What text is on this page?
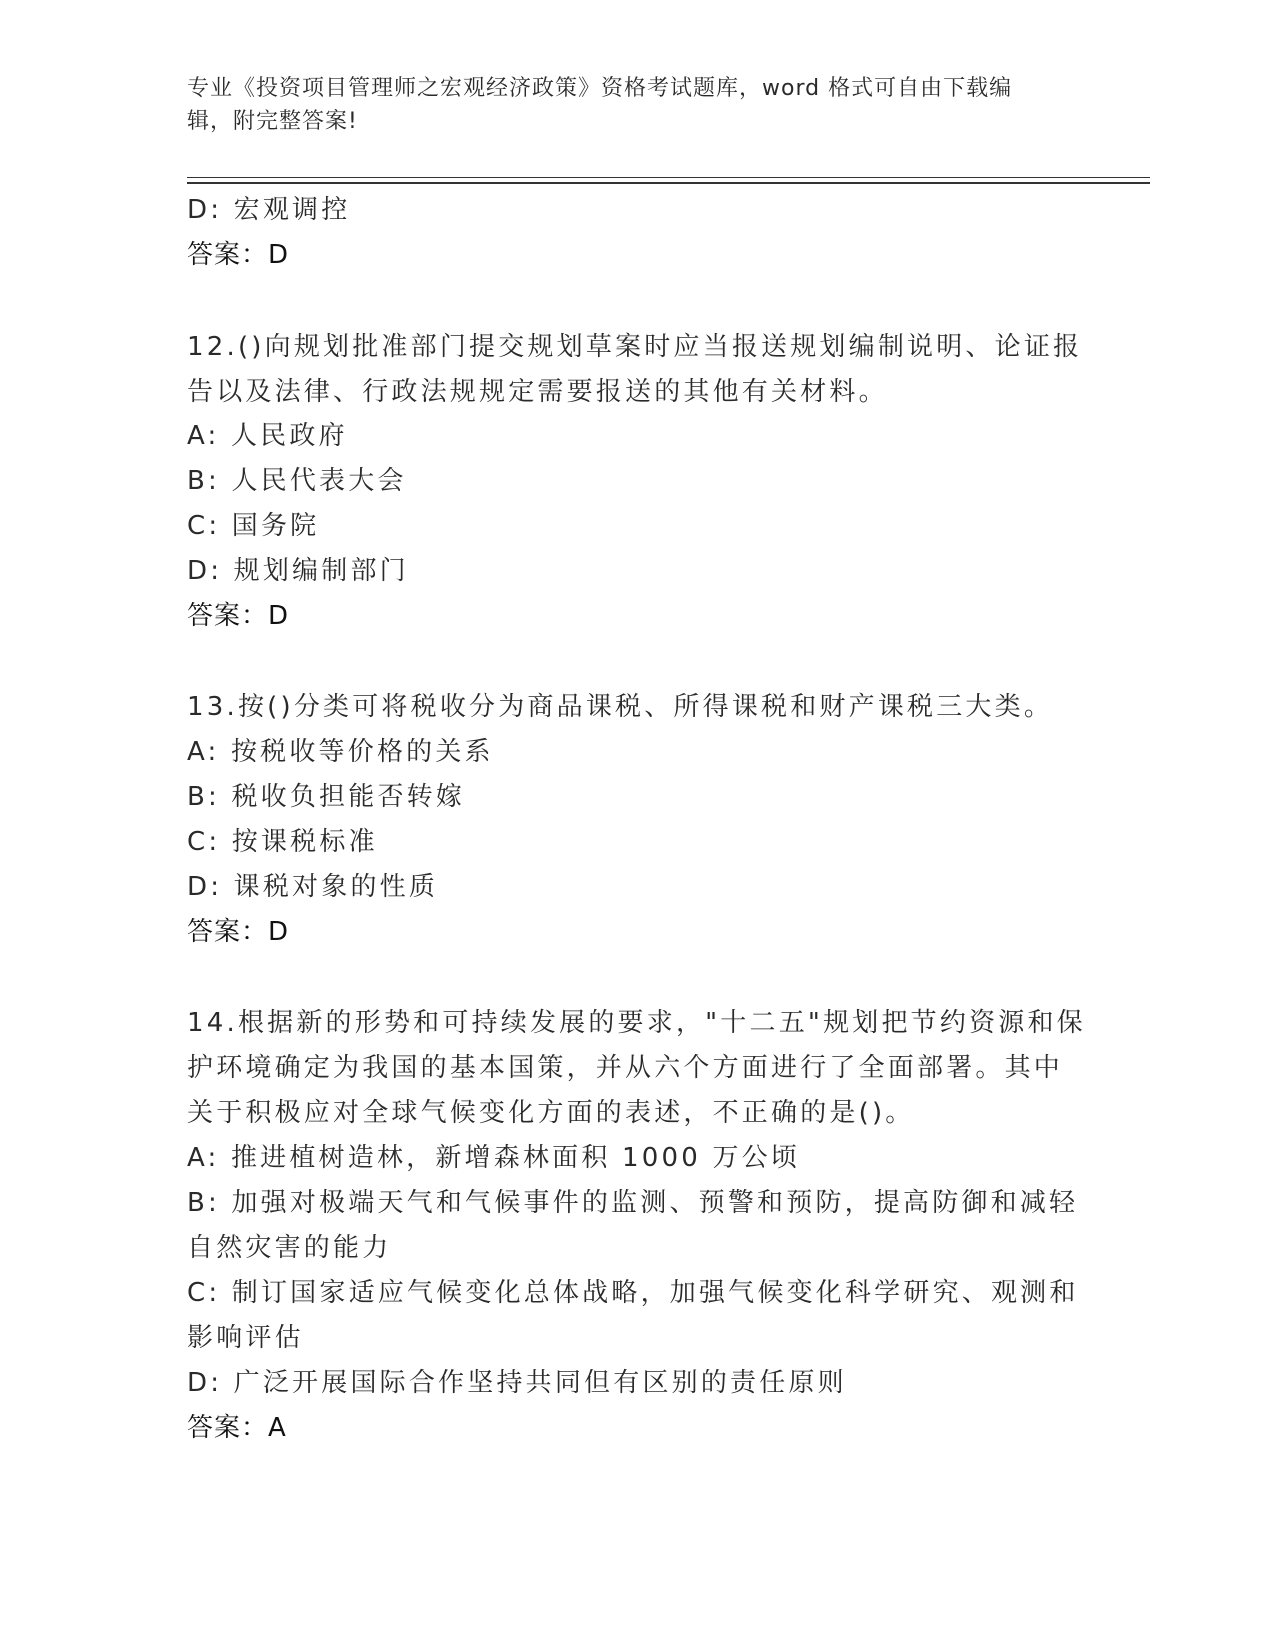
专业《投资项目管理师之宏观经济政策》资格考试题库，word 格式可自由下载编
辑，附完整答案!
D: 宏观调控
答案：D
12.()向规划批准部门提交规划草案时应当报送规划编制说明、论证报
告以及法律、行政法规规定需要报送的其他有关材料。
A: 人民政府
B: 人民代表大会
C: 国务院
D: 规划编制部门
答案：D
13.按()分类可将税收分为商品课税、所得课税和财产课税三大类。
A: 按税收等价格的关系
B: 税收负担能否转嫁
C: 按课税标准
D: 课税对象的性质
答案：D
14.根据新的形势和可持续发展的要求，"十二五"规划把节约资源和保
护环境确定为我国的基本国策，并从六个方面进行了全面部署。其中
关于积极应对全球气候变化方面的表述，不正确的是()。
A: 推进植树造林，新增森林面积 1000 万公顷
B: 加强对极端天气和气候事件的监测、预警和预防，提高防御和减轻
自然灾害的能力
C: 制订国家适应气候变化总体战略，加强气候变化科学研究、观测和
影响评估
D: 广泛开展国际合作坚持共同但有区别的责任原则
答案：A
